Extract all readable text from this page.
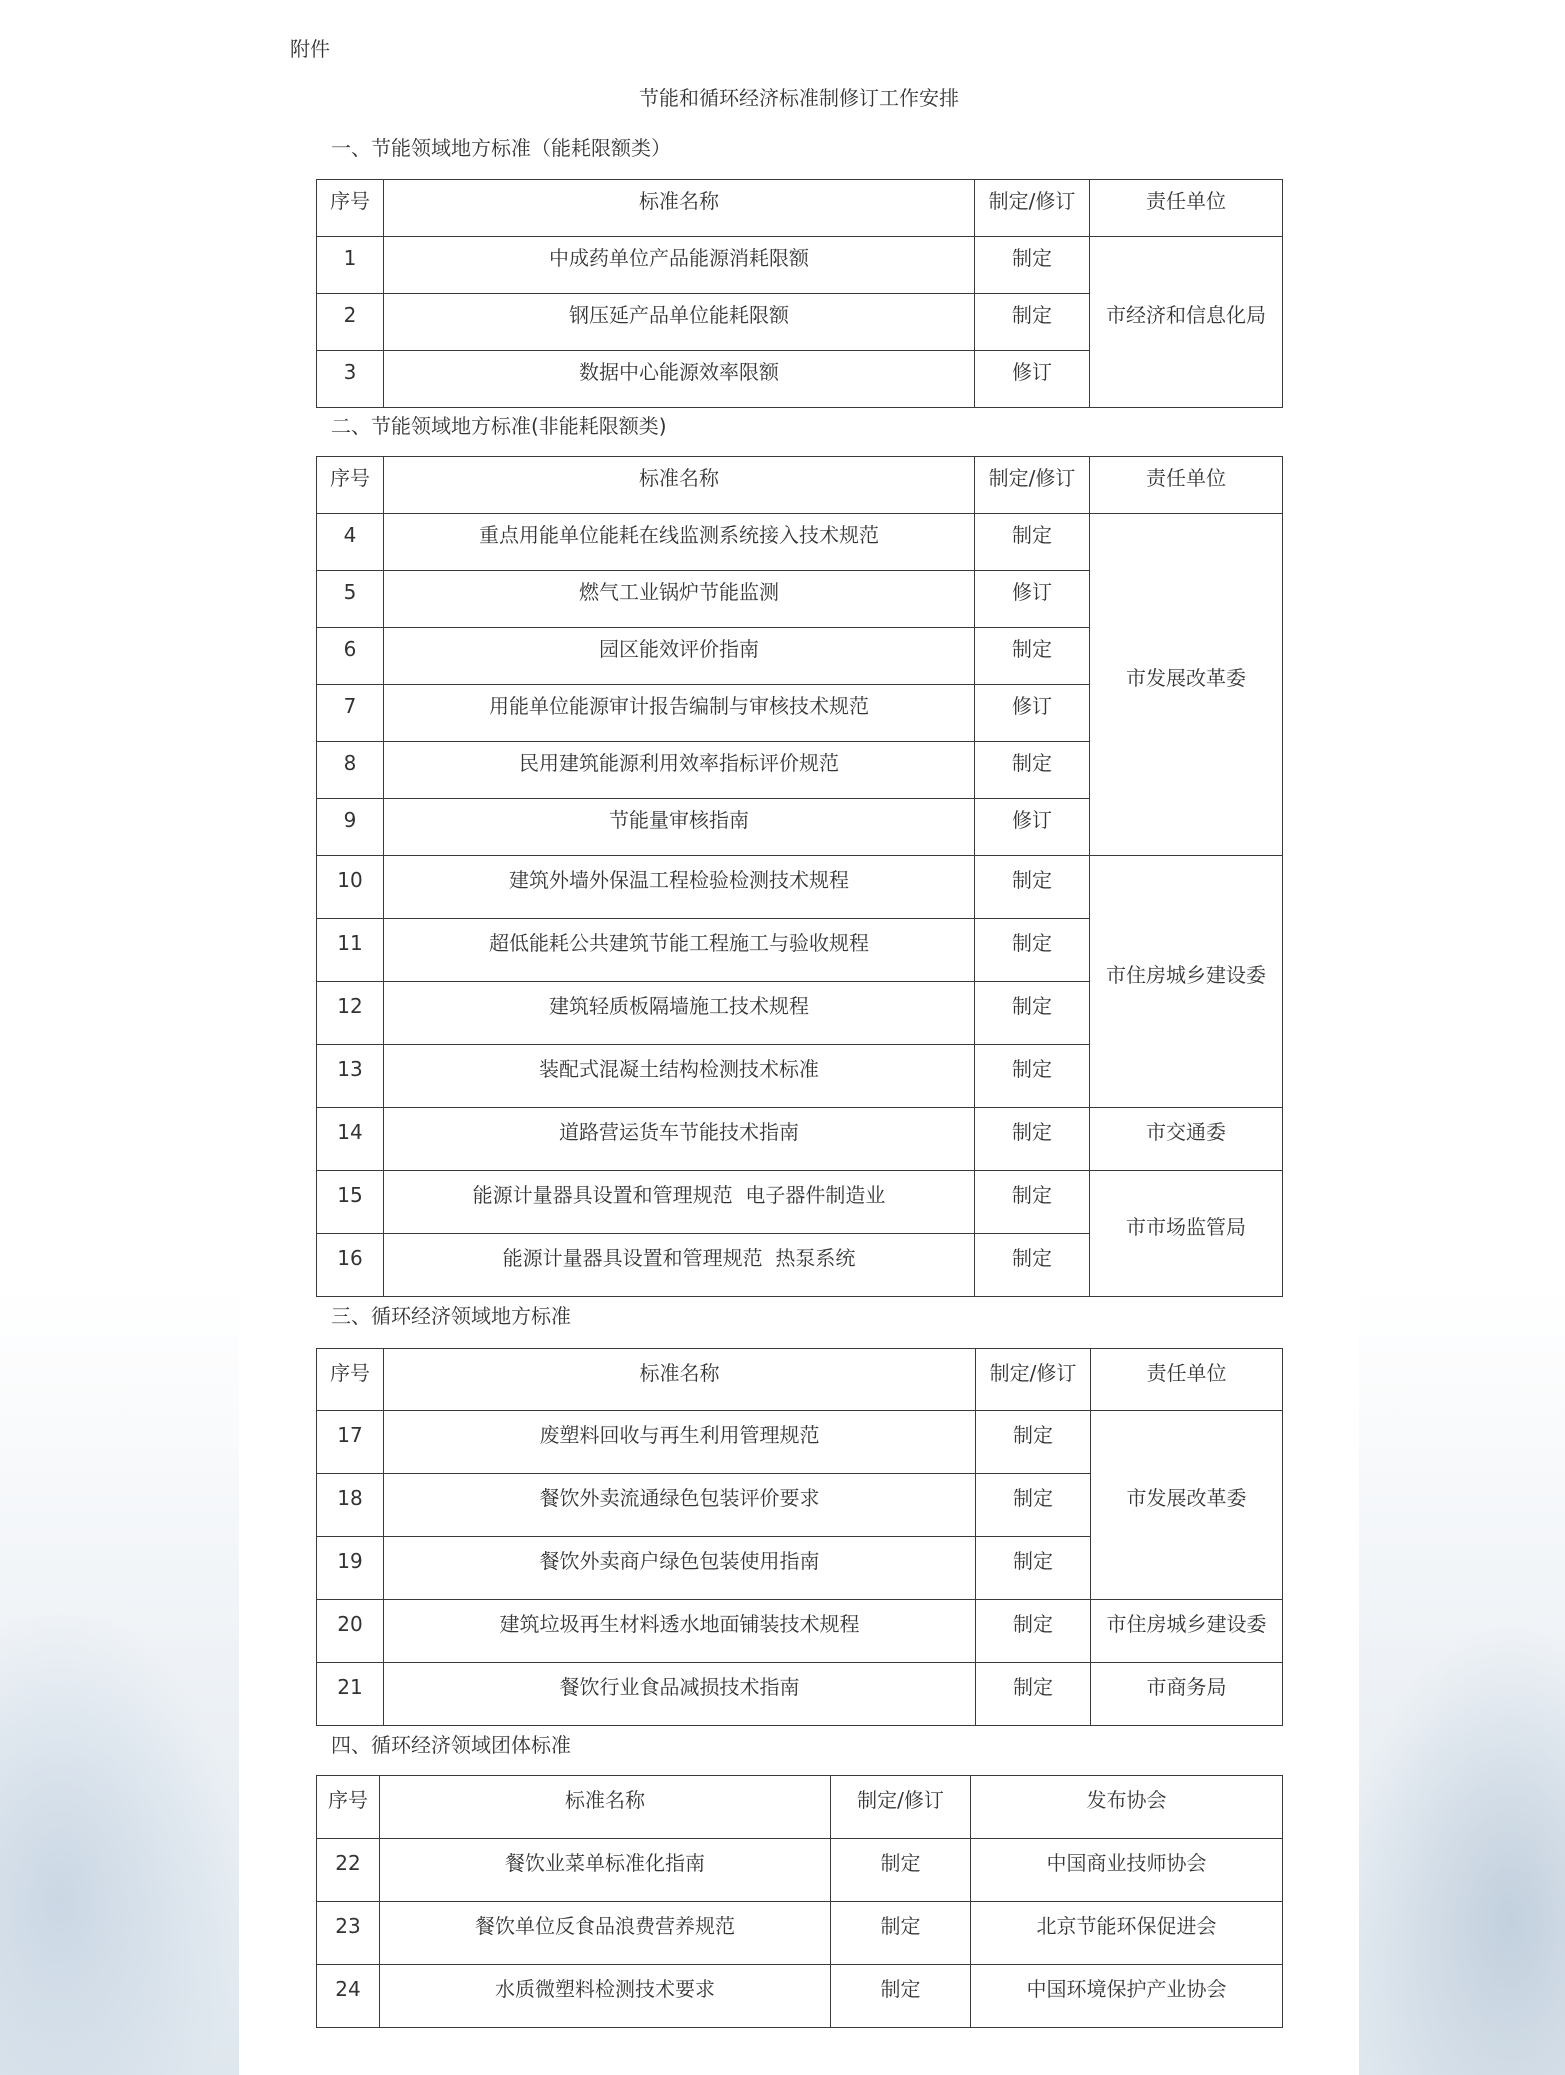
附件

节能和循环经济标准制修订工作安排
一、节能领域地方标准（能耗限额类）
序号	标准名称	制定/修订	责任单位
1	中成药单位产品能源消耗限额	制定	市经济和信息化局
2	钢压延产品单位能耗限额	制定	
3	数据中心能源效率限额	修订	
二、节能领域地方标准(非能耗限额类)
序号	标准名称	制定/修订	责任单位
4	重点用能单位能耗在线监测系统接入技术规范	制定	市发展改革委
5	燃气工业锅炉节能监测	修订	
6	园区能效评价指南	制定	
7	用能单位能源审计报告编制与审核技术规范	修订	
8	民用建筑能源利用效率指标评价规范	制定	
9	节能量审核指南	修订	
10	建筑外墙外保温工程检验检测技术规程	制定	市住房城乡建设委
11	超低能耗公共建筑节能工程施工与验收规程	制定	
12	建筑轻质板隔墙施工技术规程	制定	
13	装配式混凝土结构检测技术标准	制定	
14	道路营运货车节能技术指南	制定	市交通委
15	能源计量器具设置和管理规范  电子器件制造业	制定	市市场监管局
16	能源计量器具设置和管理规范  热泵系统	制定	
三、循环经济领域地方标准
序号	标准名称	制定/修订	责任单位
17	废塑料回收与再生利用管理规范	制定	市发展改革委
18	餐饮外卖流通绿色包装评价要求	制定	
19	餐饮外卖商户绿色包装使用指南	制定	
20	建筑垃圾再生材料透水地面铺装技术规程	制定	市住房城乡建设委
21	餐饮行业食品减损技术指南	制定	市商务局
四、循环经济领域团体标准
序号	标准名称	制定/修订	发布协会
22	餐饮业菜单标准化指南	制定	中国商业技师协会
23	餐饮单位反食品浪费营养规范	制定	北京节能环保促进会
24	水质微塑料检测技术要求	制定	中国环境保护产业协会
